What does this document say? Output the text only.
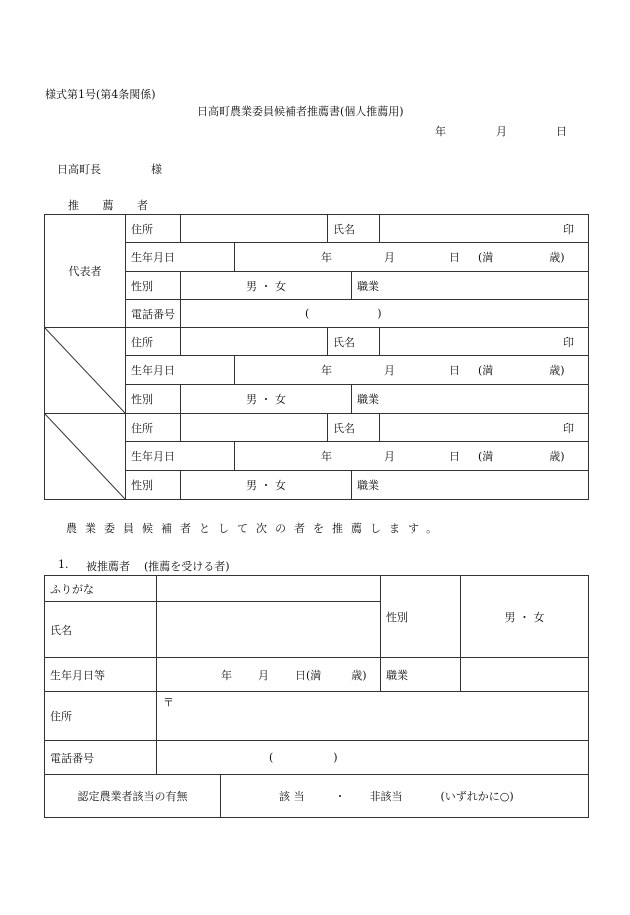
様式第1号(第4条関係)
日高町農業委員候補者推薦書(個人推薦用)
年	月	日
日高町長	様
推 薦 者
代表者	住所			氏名		印	
	生年月日		年 月 日 (満 歳)				
	性別	男 ・ 女			職業		
	電話番号	( )					

	住所			氏名		印	
	生年月日		年 月 日 (満 歳)				
	性別	男 ・ 女			職業		

	住所			氏名		印	
	生年月日		年 月 日 (満 歳)				
	性別	男 ・ 女			職業		
農業委員候補者として次の者を推薦します。
1. 被推薦者 (推薦を受ける者)
ふりがな			性別	男 ・ 女
氏名				
生年月日等	年 月 日(満 歳)		職業	
住所	〒			
電話番号	( )			
認定農業者該当の有無		該 当 ・ 非該当 (いずれかに○)		
